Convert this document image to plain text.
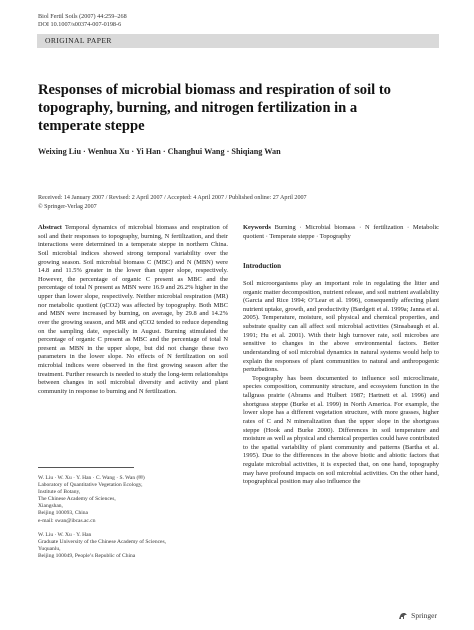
Biol Fertil Soils (2007) 44:259–268
DOI 10.1007/s00374-007-0198-6
ORIGINAL PAPER
Responses of microbial biomass and respiration of soil to topography, burning, and nitrogen fertilization in a temperate steppe
Weixing Liu · Wenhua Xu · Yi Han · Changhui Wang · Shiqiang Wan
Received: 14 January 2007 / Revised: 2 April 2007 / Accepted: 4 April 2007 / Published online: 27 April 2007
© Springer-Verlag 2007
Abstract Temporal dynamics of microbial biomass and respiration of soil and their responses to topography, burning, N fertilization, and their interactions were determined in a temperate steppe in northern China. Soil microbial indices showed strong temporal variability over the growing season. Soil microbial biomass C (MBC) and N (MBN) were 14.8 and 11.5% greater in the lower than upper slope, respectively. However, the percentage of organic C present as MBC and the percentage of total N present as MBN were 16.9 and 26.2% higher in the upper than lower slope, respectively. Neither microbial respiration (MR) nor metabolic quotient (qCO2) was affected by topography. Both MBC and MBN were increased by burning, on average, by 29.8 and 14.2% over the growing season, and MR and qCO2 tended to reduce depending on the sampling date, especially in August. Burning stimulated the percentage of organic C present as MBC and the percentage of total N present as MBN in the upper slope, but did not change these two parameters in the lower slope. No effects of N fertilization on soil microbial indices were observed in the first growing season after the treatment. Further research is needed to study the long-term relationships between changes in soil microbial diversity and activity and plant community in response to burning and N fertilization.
W. Liu · W. Xu · Y. Han · C. Wang · S. Wan (✉)
Laboratory of Quantitative Vegetation Ecology,
Institute of Botany,
The Chinese Academy of Sciences,
Xiangshan,
Beijing 100093, China
e-mail: swan@ibcas.ac.cn
W. Liu · W. Xu · Y. Han
Graduate University of the Chinese Academy of Sciences,
Yuquanlu,
Beijing 100049, People’s Republic of China
Keywords Burning · Microbial biomass · N fertilization · Metabolic quotient · Temperate steppe · Topography
Introduction

Soil microorganisms play an important role in regulating the litter and organic matter decomposition, nutrient release, and soil nutrient availability (Garcia and Rice 1994; O’Lear et al. 1996), consequently affecting plant nutrient uptake, growth, and productivity (Bardgett et al. 1999a; Janna et al. 2005). Temperature, moisture, soil physical and chemical properties, and substrate quality can all affect soil microbial activities (Sinsabaugh et al. 1991; Hu et al. 2001). With their high turnover rate, soil microbes are sensitive to changes in the above environmental factors. Better understanding of soil microbial dynamics in natural systems would help to explain the responses of plant communities to natural and anthropogenic perturbations.

Topography has been documented to influence soil microclimate, species composition, community structure, and ecosystem function in the tallgrass prairie (Abrams and Hulbert 1987; Hartnett et al. 1996) and shortgrass steppe (Burke et al. 1999) in North America. For example, the lower slope has a different vegetation structure, with more grasses, higher rates of C and N mineralization than the upper slope in the shortgrass steppe (Hook and Burke 2000). Differences in soil temperature and moisture as well as physical and chemical properties could have contributed to the spatial variability of plant community and patterns (Bartha et al. 1995). Due to the differences in the above biotic and abiotic factors that regulate microbial activities, it is expected that, on one hand, topography may have profound impacts on soil microbial activities. On the other hand, topographical position may also influence the

Springer
